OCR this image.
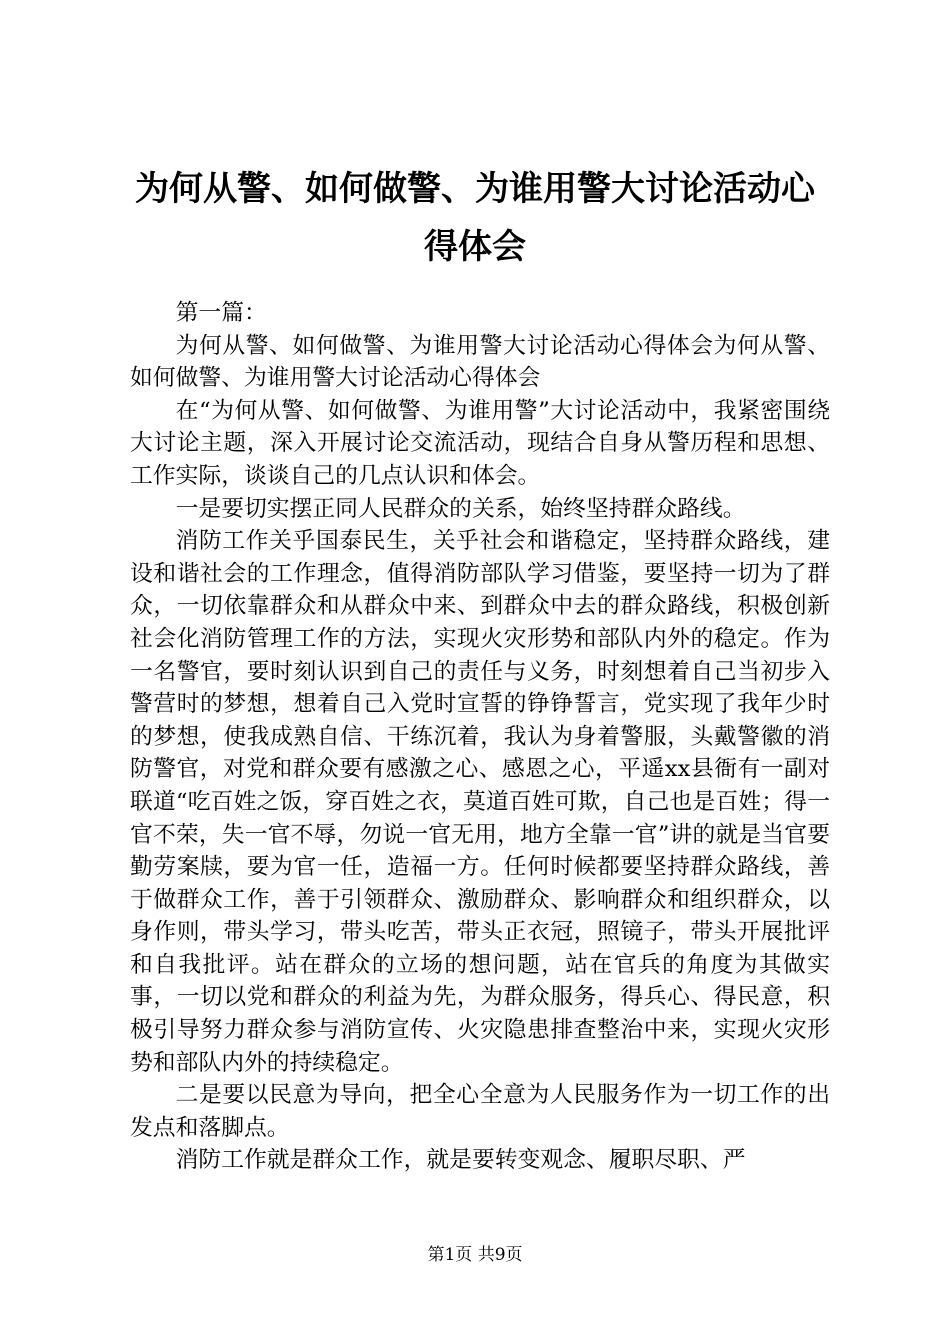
为何从警、如何做警、为谁用警大讨论活动心得体会

第一篇：

为何从警、如何做警、为谁用警大讨论活动心得体会为何从警、如何做警、为谁用警大讨论活动心得体会

在“为何从警、如何做警、为谁用警”大讨论活动中，我紧密围绕大讨论主题，深入开展讨论交流活动，现结合自身从警历程和思想、工作实际，谈谈自己的几点认识和体会。

一是要切实摆正同人民群众的关系，始终坚持群众路线。

消防工作关乎国泰民生，关乎社会和谐稳定，坚持群众路线，建设和谐社会的工作理念，值得消防部队学习借鉴，要坚持一切为了群众，一切依靠群众和从群众中来、到群众中去的群众路线，积极创新社会化消防管理工作的方法，实现火灾形势和部队内外的稳定。作为一名警官，要时刻认识到自己的责任与义务，时刻想着自己当初步入警营时的梦想，想着自己入党时宣誓的铮铮誓言，党实现了我年少时的梦想，使我成熟自信、干练沉着，我认为身着警服，头戴警徽的消防警官，对党和群众要有感激之心、感恩之心，平遥xx县衙有一副对联道“吃百姓之饭，穿百姓之衣，莫道百姓可欺，自己也是百姓；得一官不荣，失一官不辱，勿说一官无用，地方全靠一官”讲的就是当官要勤劳案牍，要为官一任，造福一方。任何时候都要坚持群众路线，善于做群众工作，善于引领群众、激励群众、影响群众和组织群众，以身作则，带头学习，带头吃苦，带头正衣冠，照镜子，带头开展批评和自我批评。站在群众的立场的想问题，站在官兵的角度为其做实事，一切以党和群众的利益为先，为群众服务，得兵心、得民意，积极引导努力群众参与消防宣传、火灾隐患排查整治中来，实现火灾形势和部队内外的持续稳定。

二是要以民意为导向，把全心全意为人民服务作为一切工作的出发点和落脚点。

消防工作就是群众工作，就是要转变观念、履职尽职、严

第1页 共9页
